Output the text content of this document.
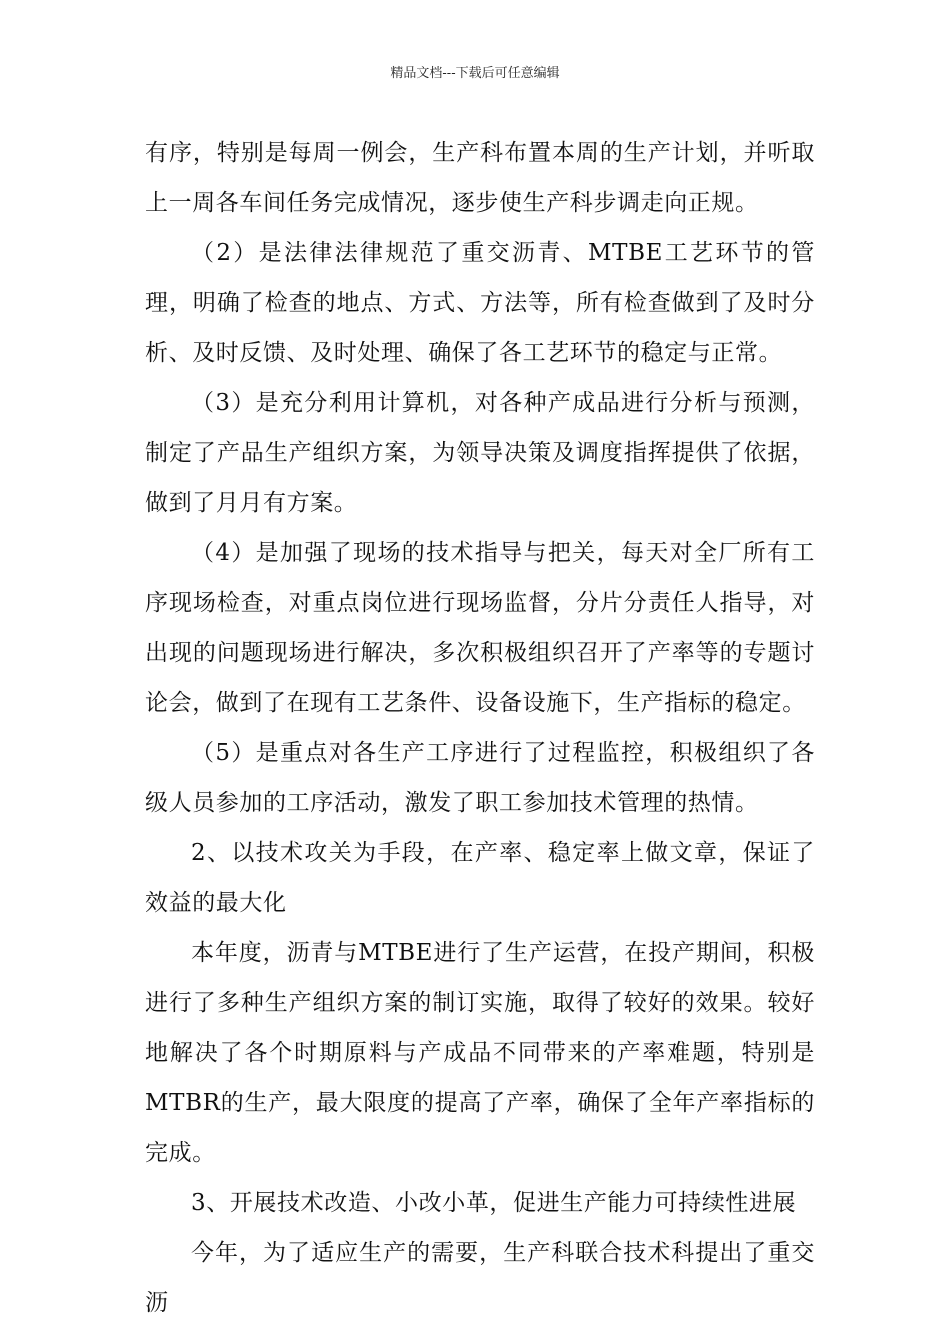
精品文档---下载后可任意编辑

有序，特别是每周一例会，生产科布置本周的生产计划，并听取上一周各车间任务完成情况，逐步使生产科步调走向正规。

（2）是法律法律规范了重交沥青、MTBE工艺环节的管理，明确了检查的地点、方式、方法等，所有检查做到了及时分析、及时反馈、及时处理、确保了各工艺环节的稳定与正常。

（3）是充分利用计算机，对各种产成品进行分析与预测，制定了产品生产组织方案，为领导决策及调度指挥提供了依据，做到了月月有方案。

（4）是加强了现场的技术指导与把关，每天对全厂所有工序现场检查，对重点岗位进行现场监督，分片分责任人指导，对出现的问题现场进行解决，多次积极组织召开了产率等的专题讨论会，做到了在现有工艺条件、设备设施下，生产指标的稳定。

（5）是重点对各生产工序进行了过程监控，积极组织了各级人员参加的工序活动，激发了职工参加技术管理的热情。

2、以技术攻关为手段，在产率、稳定率上做文章，保证了效益的最大化

本年度，沥青与MTBE进行了生产运营，在投产期间，积极进行了多种生产组织方案的制订实施，取得了较好的效果。较好地解决了各个时期原料与产成品不同带来的产率难题，特别是MTBR的生产，最大限度的提高了产率，确保了全年产率指标的完成。

3、开展技术改造、小改小革，促进生产能力可持续性进展

今年，为了适应生产的需要，生产科联合技术科提出了重交沥
